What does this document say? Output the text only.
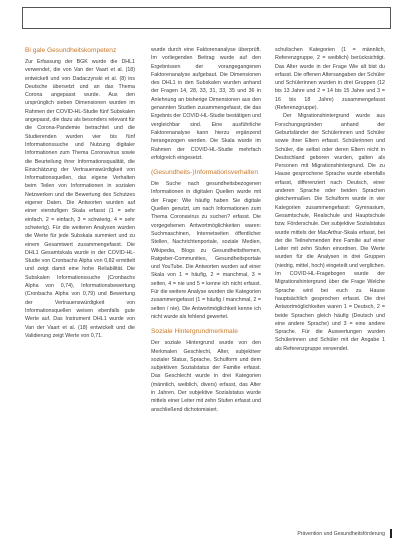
Bi gale Gesundheitskompetenz

Zur Erfassung der BGK wurde die DHL1 verwendet, die von Van der Vaart et al. (18) entwickelt und von Dadaczynski et al. (8) ins Deutsche übersetzt und an das Thema Corona angepasst wurde. Aus den ursprünglich sieben Dimensionen wurden im Rahmen der COVID-HL-Studie fünf Subskalen angepasst, die dazu als besonders relevant für die Corona-Pandemie betrachtet und die Studierenden wurden vier bis fünf Informationssuche und Nutzung digitaler Informationen zum Thema Coronavirus sowie die Beurteilung ihrer Informationsqualität, die Einschätzung der Vertrauenswürdigkeit von Informationsquellen, das eigene Verhalten beim Teilen von Informationen in sozialen Netzwerken und die Bewertung des Schutzes eigener Daten. Die Antworten wurden auf einer vierstufigen Skala erfasst (1 = sehr einfach, 2 = einfach, 3 = schwierig, 4 = sehr schwierig). Für die weiteren Analysen wurden die Werte für jede Subskala summiert und zu einem Gesamtwert zusammengefasst. Die DHL1 Gesamtskala wurde in der COVID-HL-Studie von Cronbachs Alpha von 0,82 ermittelt und zeigt damit eine hohe Reliabilität. Die Subskalen Informationssuche (Cronbachs Alpha von 0,74), Informationsbewertung (Cronbachs Alpha von 0,79) und Bewertung der Vertrauenswürdigkeit von Informationsquellen weisen ebenfalls gute Werte auf. Das Instrument DHL1 wurde von Van der Vaart et al. (18) entwickelt und die Validierung zeigt Werte von 0,71.

wurde durch eine Faktorenanalyse überprüft. Im vorliegenden Beitrag wurde auf den Ergebnissen der vorangegangenen Faktorenanalyse aufgebaut. Die Dimensionen des DHL1 in den Subskalen wurden anhand der Fragen 14, 28, 33, 31, 33, 35 und 36 in Anlehnung an bisherige Dimensionen aus den genannten Studien zusammengefasst, die das Ergebnis der COVID-HL-Studie bestätigen und vergleichbar sind. Eine ausführliche Faktorenanalyse kann hierzu ergänzend herangezogen werden. Die Skala wurde im Rahmen der COVID-HL-Studie mehrfach erfolgreich eingesetzt.

(Gesundheits-)Informationsverhalten

Die Suche nach gesundheitsbezogenen Informationen in digitalen Quellen wurde mit der Frage: Wie häufig haben Sie digitale Quellen genutzt, um nach Informationen zum Thema Coronavirus zu suchen? erfasst. Die vorgegebenen Antwortmöglichkeiten waren: Suchmaschinen, Internetseiten öffentlicher Stellen, Nachrichtenportale, soziale Medien, Wikipedia, Blogs zu Gesundheitsthemen, Ratgeber-Communities, Gesundheitsportale und YouTube. Die Antworten wurden auf einer Skala von 1 = häufig, 2 = manchmal, 3 = selten, 4 = nie und 5 = kenne ich nicht erfasst. Für die weitere Analyse wurden die Kategorien zusammengefasst (1 = häufig / manchmal, 2 = selten / nie). Die Antwortmöglichkeit kenne ich nicht wurde als fehlend gewertet.

Soziale Hintergrundmerkmale

Der soziale Hintergrund wurde von den Merkmalen Geschlecht, Alter, subjektiver sozialer Status, Sprache, Schulform und dem subjektiven Sozialstatus der Familie erfasst. Das Geschlecht wurde in drei Kategorien (männlich, weiblich, divers) erfasst, das Alter in Jahren. Der subjektive Sozialstatus wurde mittels einer Leiter mit zehn Stufen erfasst und anschließend dichotomisiert.

schulischen Kategorien (1 = männlich, Referenzgruppe, 2 = weiblich) berücksichtigt. Das Alter wurde in der Frage Wie alt bist du erfasst. Die offenen Altersangaben der Schüler und Schülerinnen wurden in drei Gruppen (12 bis 13 Jahre und 2 = 14 bis 15 Jahre und 3 = 16 bis 18 Jahre) zusammengefasst (Referenzgruppe).

Der Migrationshintergrund wurde aus Forschungsgründen anhand der Geburtsländer der Schülerinnen und Schüler sowie ihrer Eltern erfasst. Schülerinnen und Schüler, die selbst oder deren Eltern nicht in Deutschland geboren wurden, galten als Personen mit Migrationshintergrund. Die zu Hause gesprochene Sprache wurde ebenfalls erfasst, differenziert nach Deutsch, einer anderen Sprache oder beiden Sprachen gleichermaßen. Die Schulform wurde in vier Kategorien zusammengefasst: Gymnasium, Gesamtschule, Realschule und Hauptschule bzw. Förderschule. Der subjektive Sozialstatus wurde mittels der MacArthur-Skala erfasst, bei der die Teilnehmenden ihre Familie auf einer Leiter mit zehn Stufen einordnen. Die Werte wurden für die Analysen in drei Gruppen (niedrig, mittel, hoch) eingeteilt und verglichen. Im COVID-HL-Fragebogen wurde der Migrationshintergrund über die Frage Welche Sprache wird bei euch zu Hause hauptsächlich gesprochen erfasst. Die drei Antwortmöglichkeiten waren 1 = Deutsch, 2 = beide Sprachen gleich häufig (Deutsch und eine andere Sprache) und 3 = eine andere Sprache. Für die Auswertungen wurden Schülerinnen und Schüler mit der Angabe 1 als Referenzgruppe verwendet.

Prävention und Gesundheitsförderung
